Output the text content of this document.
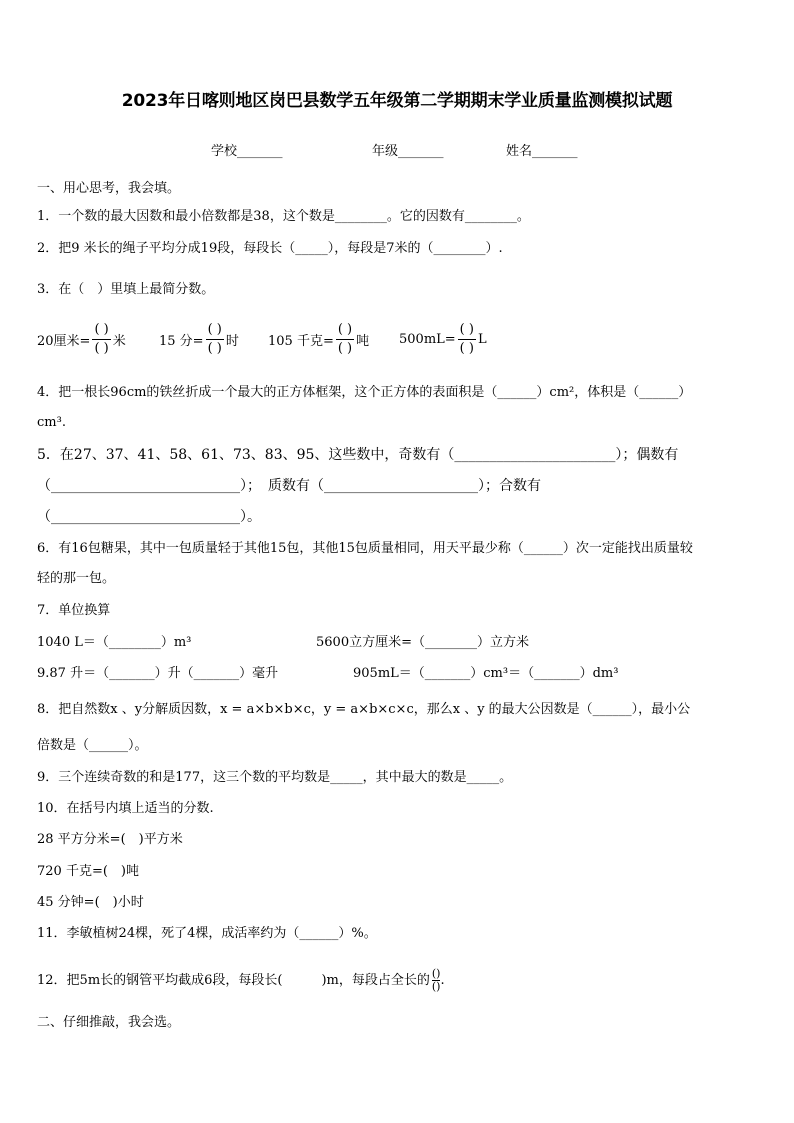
2023年日喀则地区岗巴县数学五年级第二学期期末学业质量监测模拟试题
学校_______	年级_______	姓名_______
一、用心思考，我会填。
1．一个数的最大因数和最小倍数都是38，这个数是________。它的因数有________。
2．把9 米长的绳子平均分成19段，每段长（_____），每段是7米的（________）.
3．在（　）里填上最简分数。
20厘米= $\frac{( )}{( )}$ 米	15 分= $\frac{( )}{( )}$ 时 105 千克= $\frac{( )}{( )}$ 吨 $500mL= \frac{( )}{( )}$ L
4．把一根长96cm的铁丝折成一个最大的正方体框架，这个正方体的表面积是（______）cm²，体积是（______）
cm³.
5．在27、37、41、58、61、73、83、95、这些数中，奇数有（_______________________）；偶数有
（___________________________）；　质数有（______________________）；合数有
（___________________________）。
6．有16包糖果，其中一包质量轻于其他15包，其他15包质量相同，用天平最少称（______）次一定能找出质量较
轻的那一包。
7．单位换算
1040 L＝（________）m³	5600立方厘米=（________）立方米
9.87 升＝（_______）升（_______）毫升	905mL＝（_______）cm³＝（_______）dm³
8．把自然数x 、y分解质因数，x = a×b×b×c，y = a×b×c×c，那么x 、y 的最大公因数是（______），最小公
倍数是（______）。
9．三个连续奇数的和是177，这三个数的平均数是_____，其中最大的数是_____。
10．在括号内填上适当的分数.
28 平方分米=(　)平方米
720 千克=(　)吨
45 分钟=(　)小时
11．李敏植树24棵，死了4棵，成活率约为（______）%。
12．把5m长的钢管平均截成6段，每段长(　　　)m，每段占全长的 $\frac{()}{()}$ .
二、仔细推敲，我会选。
